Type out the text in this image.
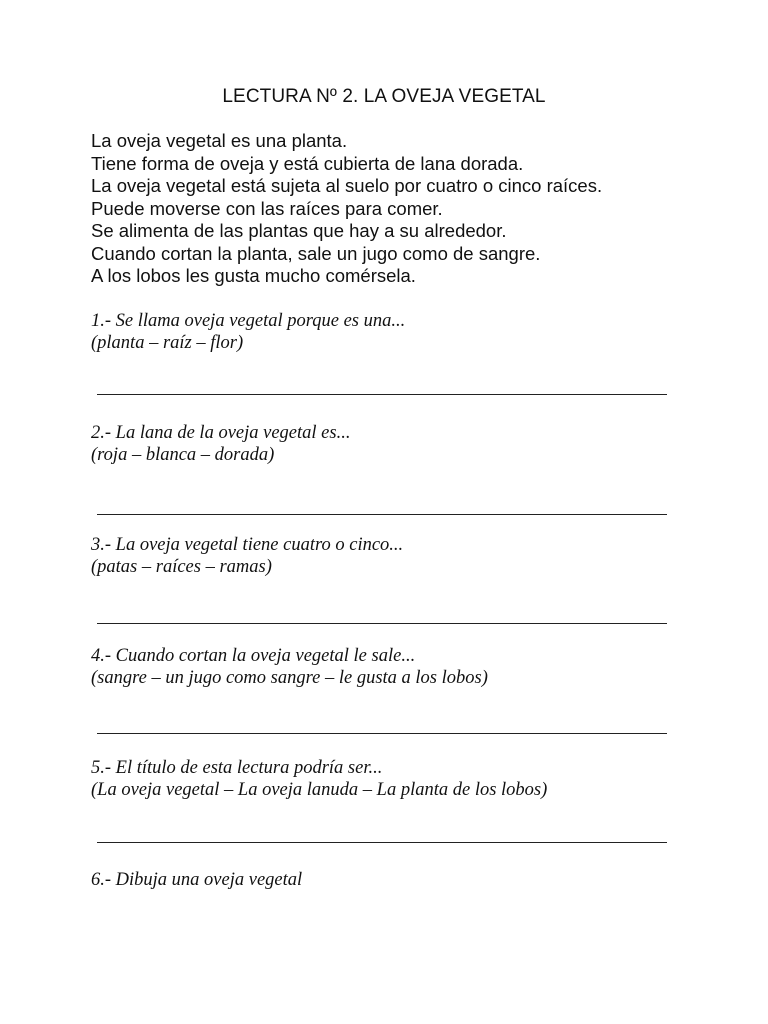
LECTURA Nº 2. LA OVEJA VEGETAL
La oveja vegetal es una planta.
Tiene forma de oveja y está cubierta de lana dorada.
La oveja vegetal está sujeta al suelo por cuatro o cinco raíces.
Puede moverse con las raíces para comer.
Se alimenta de las plantas que hay a su alrededor.
Cuando cortan la planta, sale un jugo como de sangre.
A los lobos les gusta mucho comérsela.
1.- Se llama oveja vegetal porque es una...
(planta – raíz – flor)
2.- La lana de la oveja vegetal es...
(roja – blanca – dorada)
3.- La oveja vegetal tiene cuatro o cinco...
(patas – raíces – ramas)
4.- Cuando cortan la oveja vegetal le sale...
(sangre – un jugo como sangre – le gusta a los lobos)
5.- El título de esta lectura podría ser...
(La oveja vegetal – La oveja lanuda – La planta de los lobos)
6.- Dibuja una oveja vegetal
